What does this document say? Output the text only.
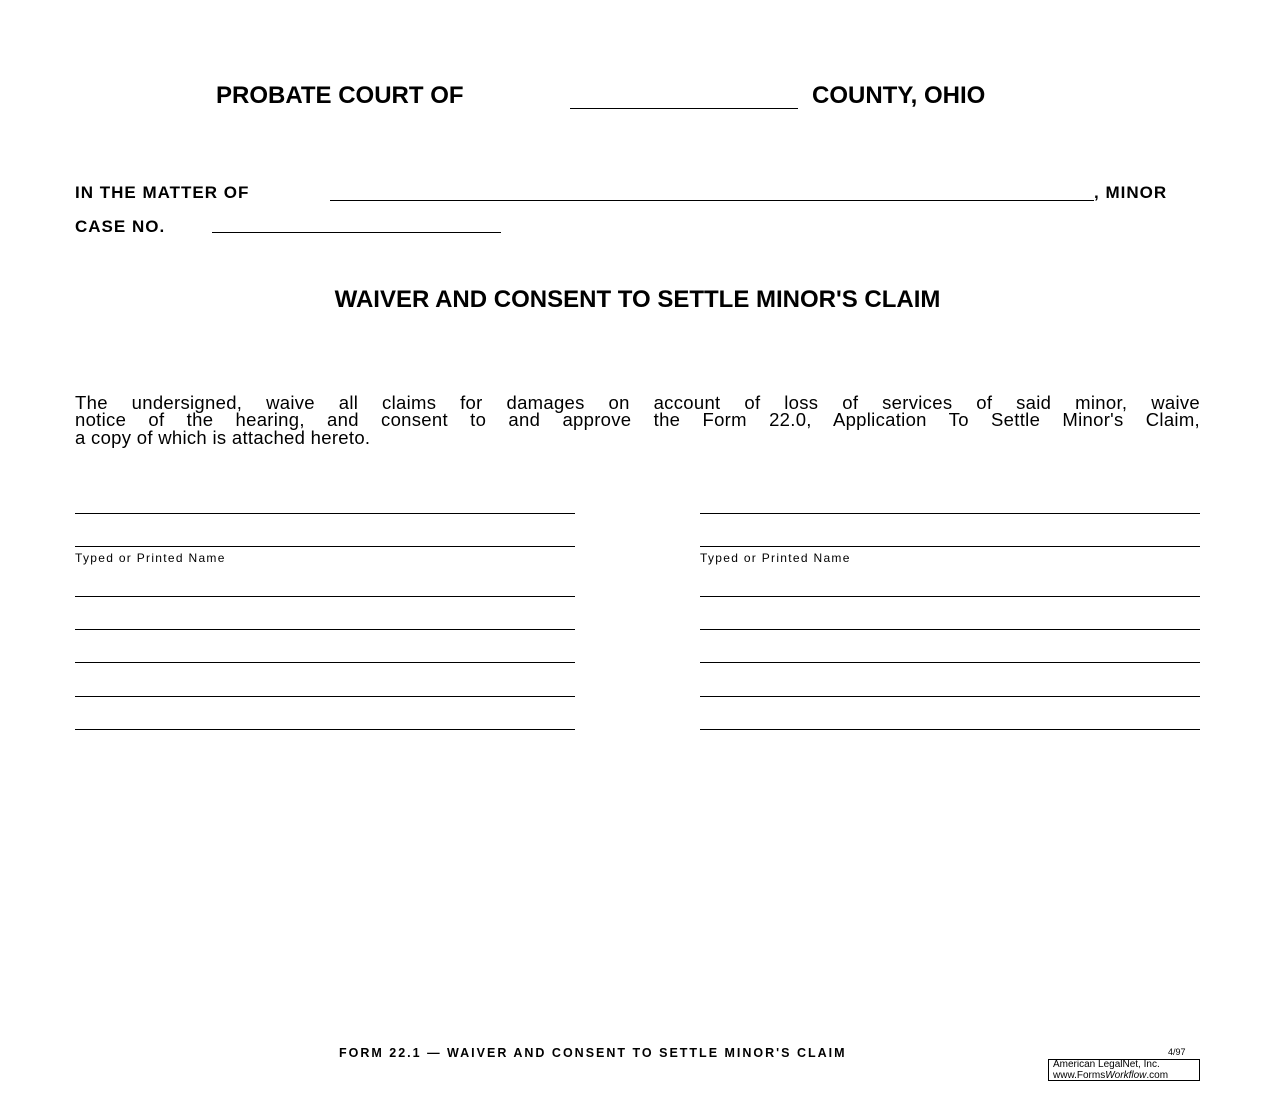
PROBATE COURT OF	COUNTY, OHIO
IN THE MATTER OF	, MINOR
CASE NO.
WAIVER AND CONSENT TO SETTLE MINOR'S CLAIM
The undersigned, waive all claims for damages on account of loss of services of said minor, waive
notice of the hearing, and consent to and approve the Form 22.0, Application To Settle Minor's Claim,
a copy of which is attached hereto.
Typed or Printed Name	Typed or Printed Name
FORM 22.1 — WAIVER AND CONSENT TO SETTLE MINOR'S CLAIM	4/97
American LegalNet, Inc.
www.FormsWorkflow.com
